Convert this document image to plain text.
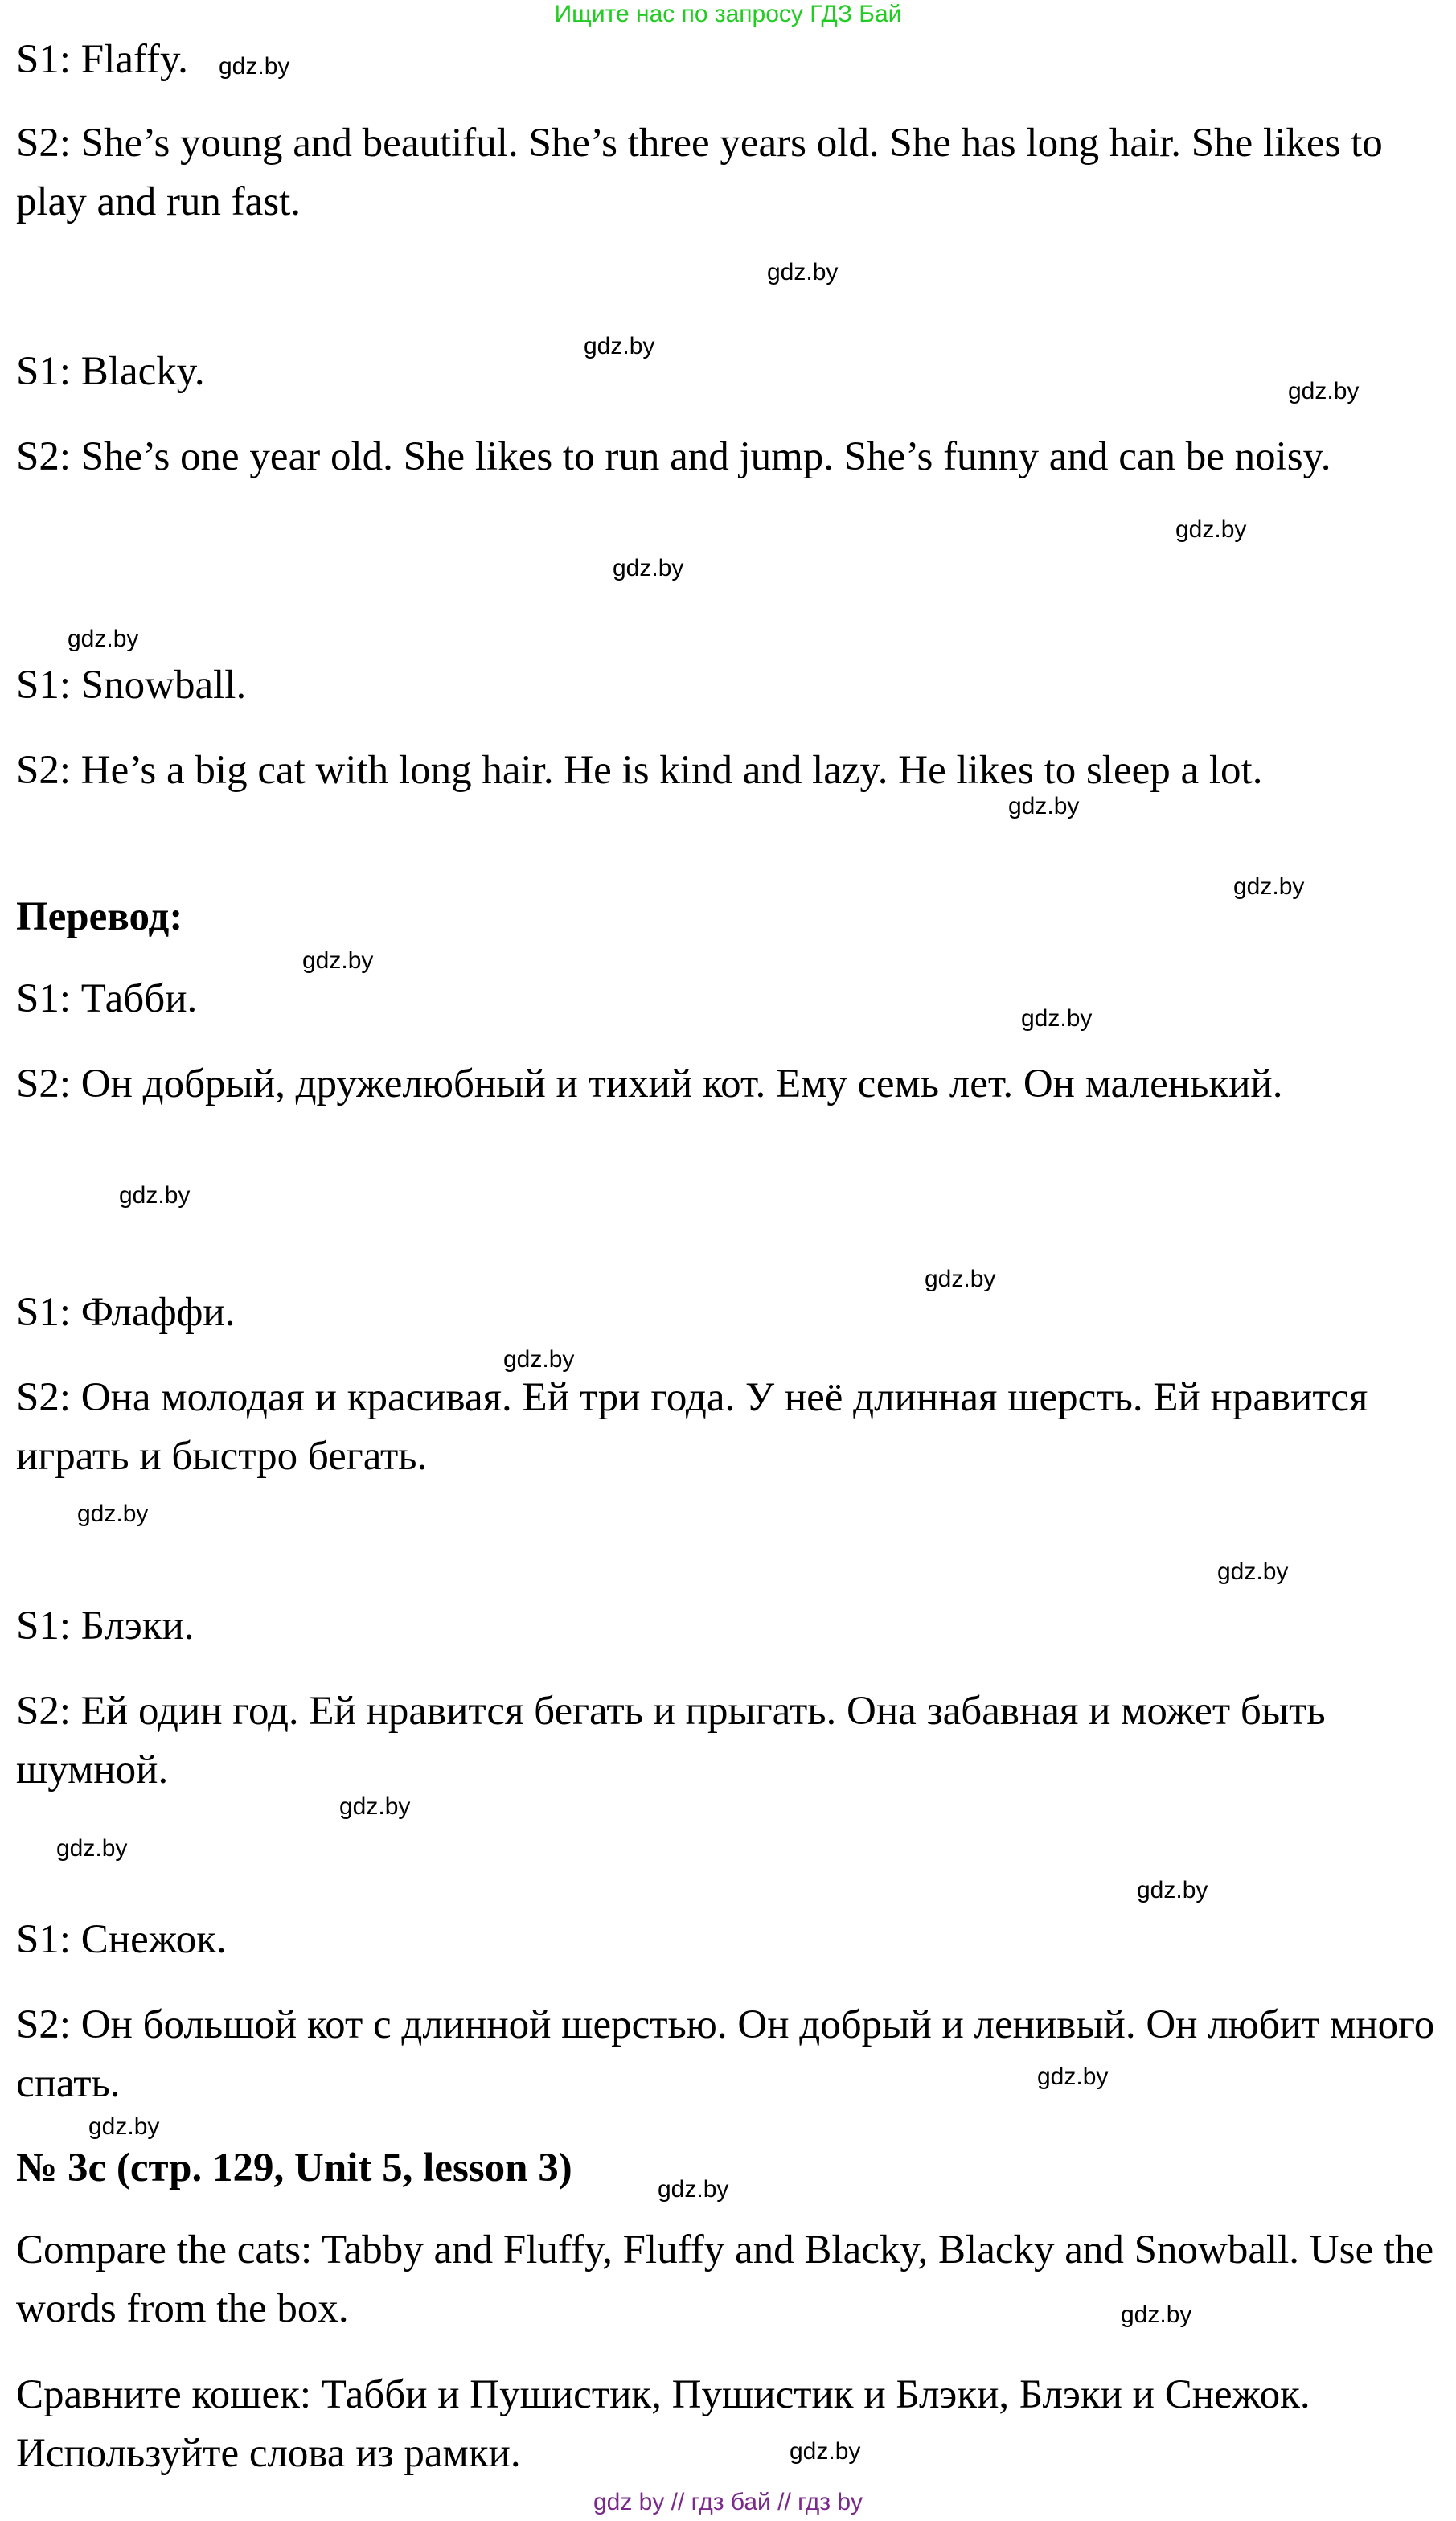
Ищите нас по запросу ГДЗ Бай

S1: Flaffy.

S2: She’s young and beautiful. She’s three years old. She has long hair. She likes to play and run fast.

S1: Blacky.

S2: She’s one year old. She likes to run and jump. She’s funny and can be noisy.

S1: Snowball.

S2: He’s a big cat with long hair. He is kind and lazy. He likes to sleep a lot.

Перевод:

S1: Табби.

S2: Он добрый, дружелюбный и тихий кот. Ему семь лет. Он маленький.

S1: Флаффи.

S2: Она молодая и красивая. Ей три года. У неё длинная шерсть. Ей нравится играть и быстро бегать.

S1: Блэки.

S2: Ей один год. Ей нравится бегать и прыгать. Она забавная и может быть шумной.

S1: Снежок.

S2: Он большой кот с длинной шерстью. Он добрый и ленивый. Он любит много спать.

№ 3c (стр. 129, Unit 5, lesson 3)

Compare the cats: Tabby and Fluffy, Fluffy and Blacky, Blacky and Snowball. Use the words from the box.

Сравните кошек: Табби и Пушистик, Пушистик и Блэки, Блэки и Снежок. Используйте слова из рамки.

gdz.by
gdz.by
gdz.by
gdz.by
gdz.by
gdz.by
gdz.by
gdz.by
gdz.by
gdz.by
gdz.by
gdz.by
gdz.by
gdz.by
gdz.by
gdz.by
gdz.by
gdz.by
gdz.by
gdz.by
gdz.by
gdz.by
gdz.by
gdz.by
gdz by // гдз бай // гдз by
